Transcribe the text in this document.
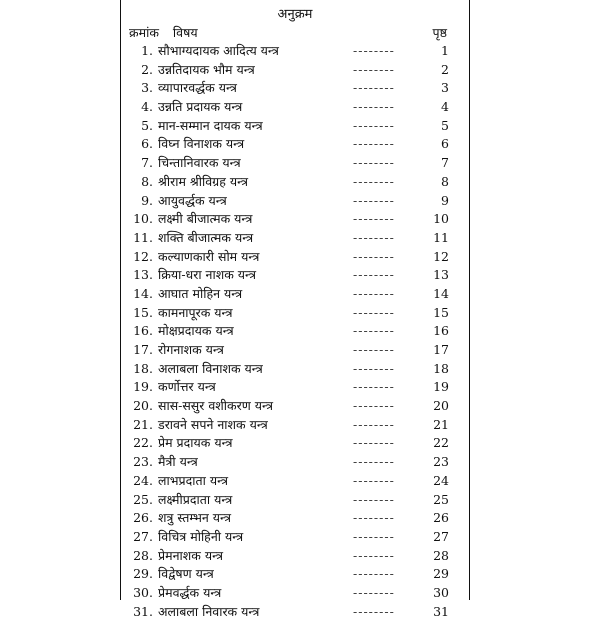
अनुक्रम
क्रमांक विषय	पृष्ठ
1. सौभाग्यदायक आदित्य यन्त्र	--------	1
2. उन्नतिदायक भौम यन्त्र	--------	2
3. व्यापारवर्द्धक यन्त्र	--------	3
4. उन्नति प्रदायक यन्त्र	--------	4
5. मान-सम्मान दायक यन्त्र	--------	5
6. विघ्न विनाशक यन्त्र	--------	6
7. चिन्तानिवारक यन्त्र	--------	7
8. श्रीराम श्रीविग्रह यन्त्र	--------	8
9. आयुवर्द्धक यन्त्र	--------	9
10. लक्ष्मी बीजात्मक यन्त्र	--------	10
11. शक्ति बीजात्मक यन्त्र	--------	11
12. कल्याणकारी सोम यन्त्र	--------	12
13. क्रिया-धरा नाशक यन्त्र	--------	13
14. आघात मोहिन यन्त्र	--------	14
15. कामनापूरक यन्त्र	--------	15
16. मोक्षप्रदायक यन्त्र	--------	16
17. रोगनाशक यन्त्र	--------	17
18. अलाबला विनाशक यन्त्र	--------	18
19. कर्णोत्तर यन्त्र	--------	19
20. सास-ससुर वशीकरण यन्त्र	--------	20
21. डरावने सपने नाशक यन्त्र	--------	21
22. प्रेम प्रदायक यन्त्र	--------	22
23. मैत्री यन्त्र	--------	23
24. लाभप्रदाता यन्त्र	--------	24
25. लक्ष्मीप्रदाता यन्त्र	--------	25
26. शत्रु स्तम्भन यन्त्र	--------	26
27. विचित्र मोहिनी यन्त्र	--------	27
28. प्रेमनाशक यन्त्र	--------	28
29. विद्वेषण यन्त्र	--------	29
30. प्रेमवर्द्धक यन्त्र	--------	30
31. अलाबला निवारक यन्त्र	--------	31
